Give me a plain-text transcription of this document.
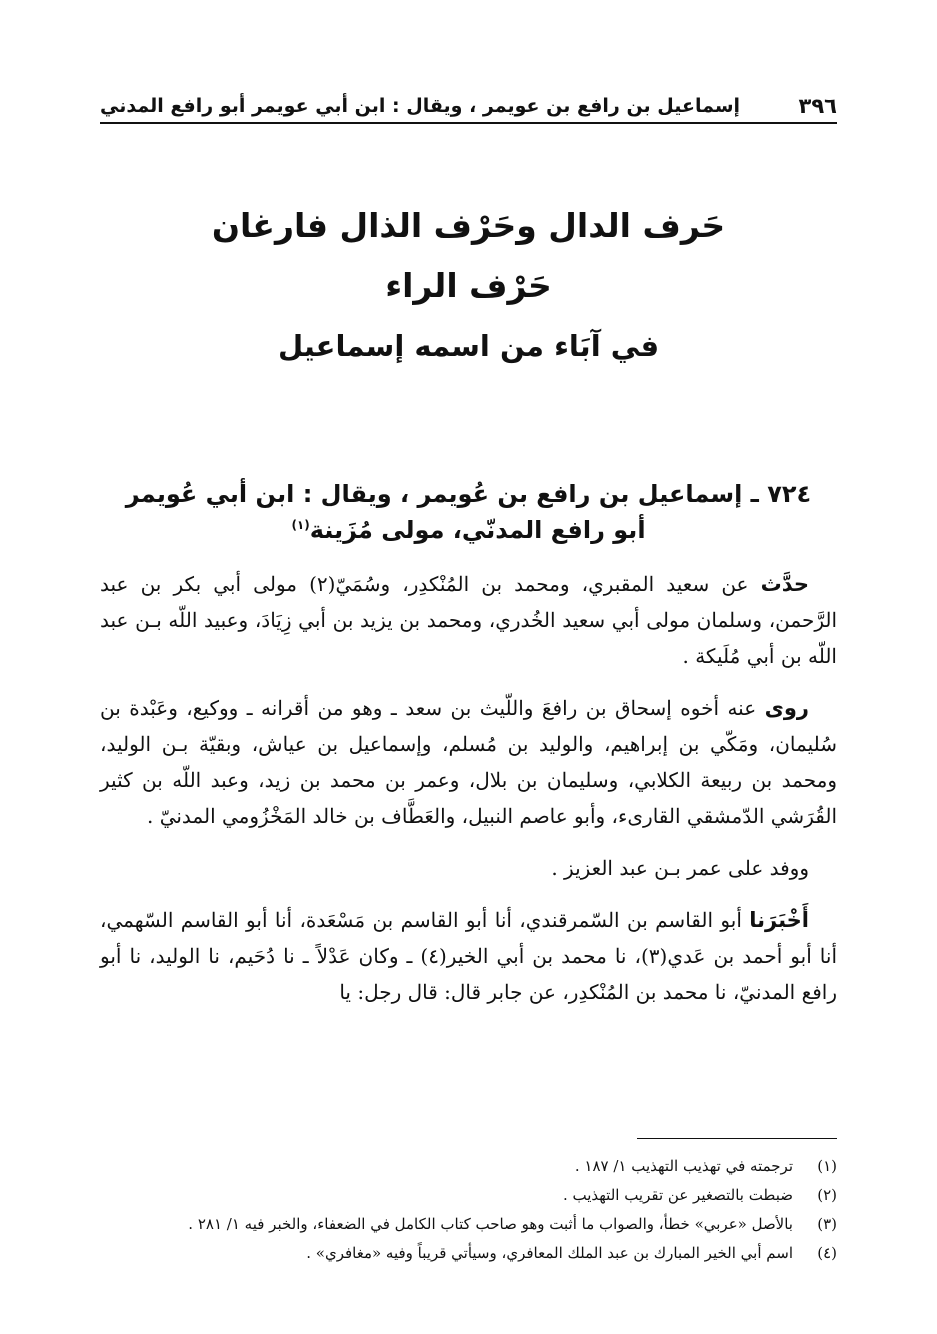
٣٩٦
إسماعيل بن رافع بن عويمر ، ويقال : ابن أبي عويمر أبو رافع المدني
حَرف الدال وحَرْف الذال فارغان
حَرْف الراء
في آبَاء من اسمه إسماعيل
٧٢٤ ـ إسماعيل بن رافع بن عُويمر ، ويقال : ابن أبي عُويمر
أبو رافع المدنّي، مولى مُزَينة$^{(١)}$

حدَّث عن سعيد المقبري، ومحمد بن المُنْكدِر، وسُمَيّ(٢) مولى أبي بكر بن عبد الرَّحمن، وسلمان مولى أبي سعيد الخُدري، ومحمد بن يزيد بن أبي زِيَادَ، وعبيد اللّه بـن عبد اللّه بن أبي مُلَيكة .

روى عنه أخوه إسحاق بن رافعَ واللّيث بن سعد ـ وهو من أقرانه ـ ووكيع، وعَبْدة بن سُليمان، ومَكّي بن إبراهيم، والوليد بن مُسلم، وإسماعيل بن عياش، وبقيّة بـن الوليد، ومحمد بن ربيعة الكلابي، وسليمان بن بلال، وعمر بن محمد بن زيد، وعبد اللّه بن كثير القُرَشي الدّمشقي القارىء، وأبو عاصم النبيل، والعَطَّاف بن خالد المَخْزُومي المدنيّ .

ووفد على عمر بـن عبد العزيز .

أَخْبَرَنا أبو القاسم بن السّمرقندي، أنا أبو القاسم بن مَسْعَدة، أنا أبو القاسم السّهمي، أنا أبو أحمد بن عَدي(٣)، نا محمد بن أبي الخير(٤) ـ وكان عَدْلاً ـ نا دُحَيم، نا الوليد، نا أبو رافع المدنيّ، نا محمد بن المُنْكدِر، عن جابر قال: قال رجل: يا

(١)ترجمته في تهذيب التهذيب ١/ ١٨٧ .
(٢)ضبطت بالتصغير عن تقريب التهذيب .
(٣)بالأصل «عربي» خطأ، والصواب ما أثبت وهو صاحب كتاب الكامل في الضعفاء، والخبر فيه ١/ ٢٨١ .
(٤)اسم أبي الخير المبارك بن عبد الملك المعافري، وسيأتي قريباً وفيه «مغافري» .
